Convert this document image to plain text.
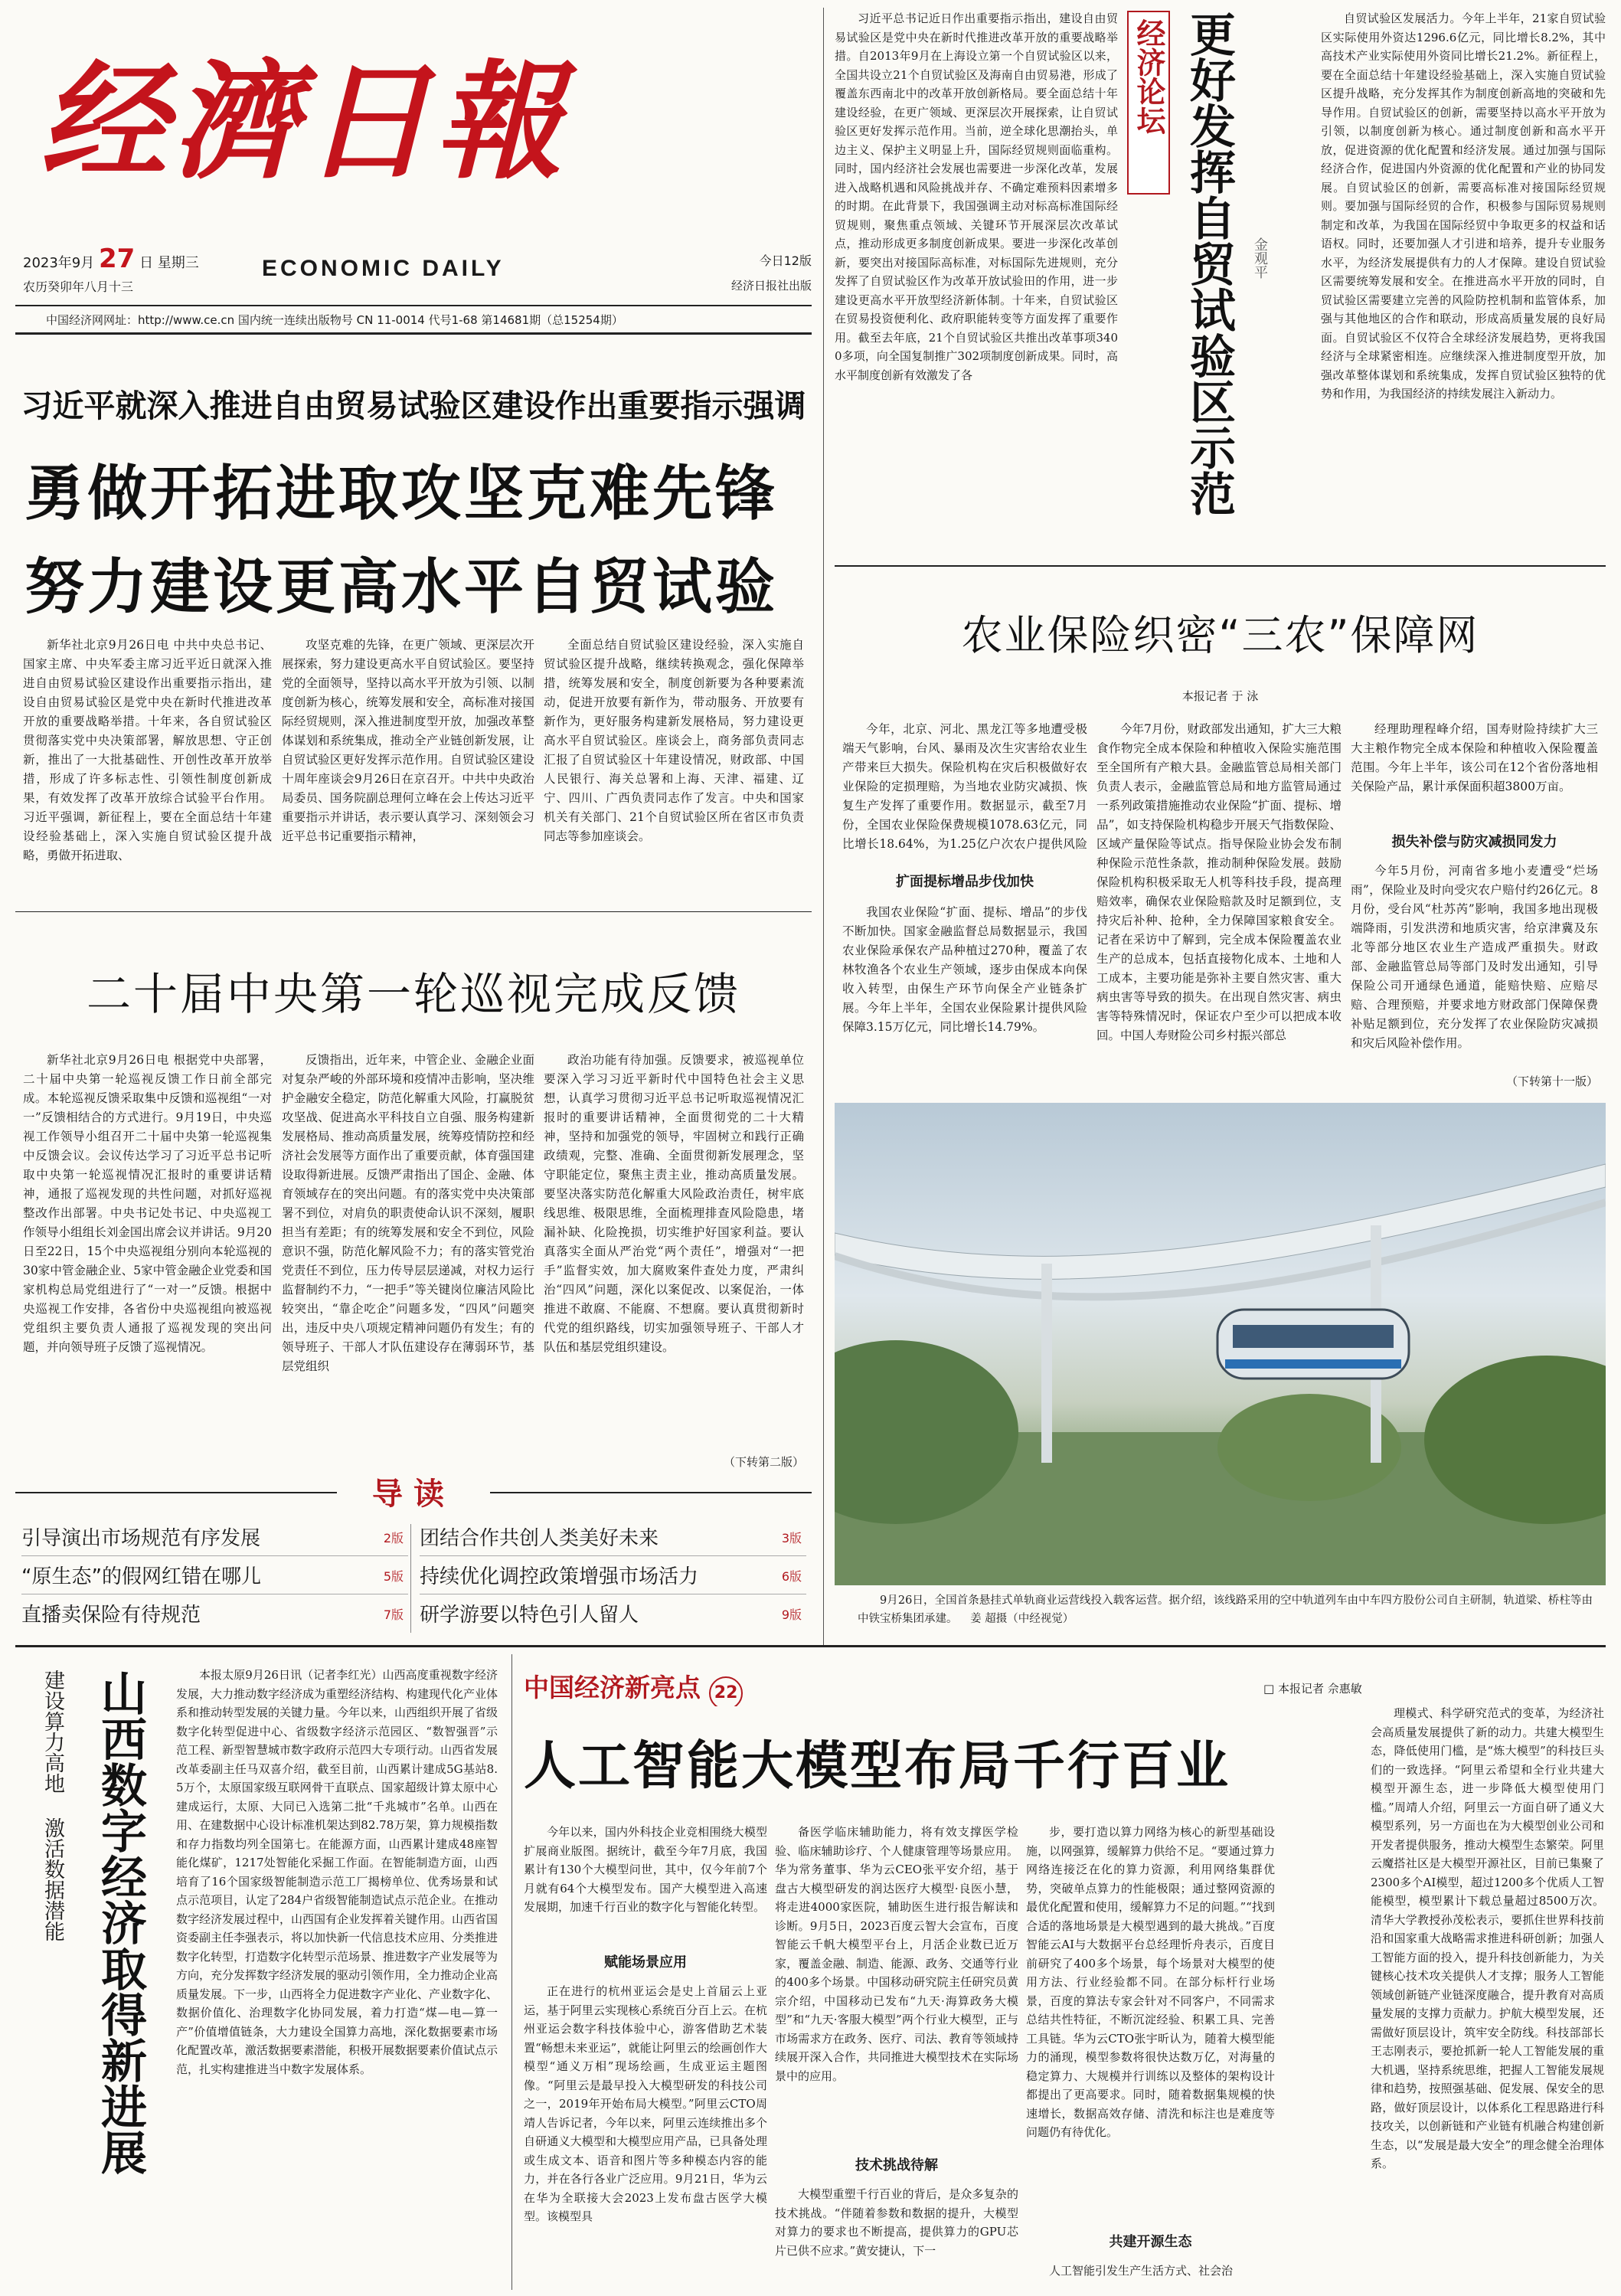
经濟日報
2023年9月 27 日 星期三
农历癸卯年八月十三
ECONOMIC DAILY	今日12版
经济日报社出版
中国经济网网址：http://www.ce.cn 国内统一连续出版物号 CN 11-0014 代号1-68 第14681期（总15254期）
习近平就深入推进自由贸易试验区建设作出重要指示强调
勇做开拓进取攻坚克难先锋
努力建设更高水平自贸试验
新华社北京9月26日电 中共中央总书记、国家主席、中央军委主席习近平近日就深入推进自由贸易试验区建设作出重要指示指出，建设自由贸易试验区是党中央在新时代推进改革开放的重要战略举措。十年来，各自贸试验区贯彻落实党中央决策部署，解放思想、守正创新，推出了一大批基础性、开创性改革开放举措，形成了许多标志性、引领性制度创新成果，有效发挥了改革开放综合试验平台作用。习近平强调，新征程上，要在全面总结十年建设经验基础上，深入实施自贸试验区提升战略，勇做开拓进取、
攻坚克难的先锋，在更广领域、更深层次开展探索，努力建设更高水平自贸试验区。要坚持党的全面领导，坚持以高水平开放为引领、以制度创新为核心，统筹发展和安全，高标准对接国际经贸规则，深入推进制度型开放，加强改革整体谋划和系统集成，推动全产业链创新发展，让自贸试验区更好发挥示范作用。自贸试验区建设十周年座谈会9月26日在京召开。中共中央政治局委员、国务院副总理何立峰在会上传达习近平重要指示并讲话，表示要认真学习、深刻领会习近平总书记重要指示精神，
全面总结自贸试验区建设经验，深入实施自贸试验区提升战略，继续转换观念，强化保障举措，统筹发展和安全，制度创新要为各种要素流动，促进开放要有新作为，带动服务、开放要有新作为，更好服务构建新发展格局，努力建设更高水平自贸试验区。座谈会上，商务部负责同志汇报了自贸试验区十年建设情况，财政部、中国人民银行、海关总署和上海、天津、福建、辽宁、四川、广西负责同志作了发言。中央和国家机关有关部门、21个自贸试验区所在省区市负责同志等参加座谈会。
二十届中央第一轮巡视完成反馈
新华社北京9月26日电 根据党中央部署，二十届中央第一轮巡视反馈工作日前全部完成。本轮巡视反馈采取集中反馈和巡视组“一对一”反馈相结合的方式进行。9月19日，中央巡视工作领导小组召开二十届中央第一轮巡视集中反馈会议。会议传达学习了习近平总书记听取中央第一轮巡视情况汇报时的重要讲话精神，通报了巡视发现的共性问题，对抓好巡视整改作出部署。中央书记处书记、中央巡视工作领导小组组长刘金国出席会议并讲话。9月20日至22日，15个中央巡视组分别向本轮巡视的30家中管金融企业、5家中管金融企业党委和国家机构总局党组进行了“一对一”反馈。根据中央巡视工作安排，各省份中央巡视组向被巡视党组织主要负责人通报了巡视发现的突出问题，并向领导班子反馈了巡视情况。
反馈指出，近年来，中管企业、金融企业面对复杂严峻的外部环境和疫情冲击影响，坚决维护金融安全稳定，防范化解重大风险，打赢脱贫攻坚战、促进高水平科技自立自强、服务构建新发展格局、推动高质量发展，统筹疫情防控和经济社会发展等方面作出了重要贡献，体育强国建设取得新进展。反馈严肃指出了国企、金融、体育领域存在的突出问题。有的落实党中央决策部署不到位，对肩负的职责使命认识不深刻，履职担当有差距；有的统筹发展和安全不到位，风险意识不强，防范化解风险不力；有的落实管党治党责任不到位，压力传导层层递减，对权力运行监督制约不力，“一把手”等关键岗位廉洁风险比较突出，“靠企吃企”问题多发，“四风”问题突出，违反中央八项规定精神问题仍有发生；有的领导班子、干部人才队伍建设存在薄弱环节，基层党组织
政治功能有待加强。反馈要求，被巡视单位要深入学习习近平新时代中国特色社会主义思想，认真学习贯彻习近平总书记听取巡视情况汇报时的重要讲话精神，全面贯彻党的二十大精神，坚持和加强党的领导，牢固树立和践行正确政绩观，完整、准确、全面贯彻新发展理念，坚守职能定位，聚焦主责主业，推动高质量发展。要坚决落实防范化解重大风险政治责任，树牢底线思维、极限思维，全面梳理排查风险隐患，堵漏补缺、化险挽损，切实维护好国家利益。要认真落实全面从严治党“两个责任”，增强对“一把手”监督实效，加大腐败案件查处力度，严肃纠治“四风”问题，深化以案促改、以案促治，一体推进不敢腐、不能腐、不想腐。要认真贯彻新时代党的组织路线，切实加强领导班子、干部人才队伍和基层党组织建设。
（下转第二版）
导读
引导演出市场规范有序发展	2版 团结合作共创人类美好未来	3版
“原生态”的假网红错在哪儿	5版 持续优化调控政策增强市场活力	6版
直播卖保险有待规范	7版 研学游要以特色引人留人	9版
习近平总书记近日作出重要指示指出，建设自由贸易试验区是党中央在新时代推进改革开放的重要战略举措。自2013年9月在上海设立第一个自贸试验区以来，全国共设立21个自贸试验区及海南自由贸易港，形成了覆盖东西南北中的改革开放创新格局。要全面总结十年建设经验，在更广领域、更深层次开展探索，让自贸试验区更好发挥示范作用。当前，逆全球化思潮抬头，单边主义、保护主义明显上升，国际经贸规则面临重构。同时，国内经济社会发展也需要进一步深化改革，发展进入战略机遇和风险挑战并存、不确定难预料因素增多的时期。在此背景下，我国强调主动对标高标准国际经贸规则，聚焦重点领域、关键环节开展深层次改革试点，推动形成更多制度创新成果。要进一步深化改革创新，要突出对接国际高标准，对标国际先进规则，充分发挥了自贸试验区作为改革开放试验田的作用，进一步建设更高水平开放型经济新体制。十年来，自贸试验区在贸易投资便利化、政府职能转变等方面发挥了重要作用。截至去年底，21个自贸试验区共推出改革事项3400多项，向全国复制推广302项制度创新成果。同时，高水平制度创新有效激发了各
经济论坛 更好发挥自贸试验区示范
金观平
自贸试验区发展活力。今年上半年，21家自贸试验区实际使用外资达1296.6亿元，同比增长8.2%，其中高技术产业实际使用外资同比增长21.2%。新征程上，要在全面总结十年建设经验基础上，深入实施自贸试验区提升战略，充分发挥其作为制度创新高地的突破和先导作用。自贸试验区的创新，需要坚持以高水平开放为引领，以制度创新为核心。通过制度创新和高水平开放，促进资源的优化配置和经济发展。通过加强与国际经济合作，促进国内外资源的优化配置和产业的协同发展。自贸试验区的创新，需要高标准对接国际经贸规则。要加强与国际经贸的合作，积极参与国际贸易规则制定和改革，为我国在国际经贸中争取更多的权益和话语权。同时，还要加强人才引进和培养，提升专业服务水平，为经济发展提供有力的人才保障。建设自贸试验区需要统筹发展和安全。在推进高水平开放的同时，自贸试验区需要建立完善的风险防控机制和监管体系，加强与其他地区的合作和联动，形成高质量发展的良好局面。自贸试验区不仅符合全球经济发展趋势，更将我国经济与全球紧密相连。应继续深入推进制度型开放，加强改革整体谋划和系统集成，发挥自贸试验区独特的优势和作用，为我国经济的持续发展注入新动力。
农业保险织密“三农”保障网
本报记者 于 泳
今年，北京、河北、黑龙江等多地遭受极端天气影响，台风、暴雨及次生灾害给农业生产带来巨大损失。保险机构在灾后积极做好农业保险的定损理赔，为当地农业防灾减损、恢复生产发挥了重要作用。数据显示，截至7月份，全国农业保险保费规模1078.63亿元，同比增长18.64%，为1.25亿户次农户提供风险
扩面提标增品步伐加快
我国农业保险“扩面、提标、增品”的步伐不断加快。国家金融监督总局数据显示，我国农业保险承保农产品种植过270种，覆盖了农林牧渔各个农业生产领域，逐步由保成本向保收入转型，由保生产环节向保全产业链条扩展。今年上半年，全国农业保险累计提供风险保障3.15万亿元，同比增长14.79%。
今年7月份，财政部发出通知，扩大三大粮食作物完全成本保险和种植收入保险实施范围至全国所有产粮大县。金融监管总局相关部门负责人表示，金融监管总局和地方监管局通过一系列政策措施推动农业保险“扩面、提标、增品”，如支持保险机构稳步开展天气指数保险、区域产量保险等试点。指导保险业协会发布制种保险示范性条款，推动制种保险发展。鼓励保险机构积极采取无人机等科技手段，提高理赔效率，确保农业保险赔款及时足额到位，支持灾后补种、抢种，全力保障国家粮食安全。记者在采访中了解到，完全成本保险覆盖农业生产的总成本，包括直接物化成本、土地和人工成本，主要功能是弥补主要自然灾害、重大病虫害等导致的损失。在出现自然灾害、病虫害等特殊情况时，保证农户至少可以把成本收回。中国人寿财险公司乡村振兴部总
经理助理程峰介绍，国寿财险持续扩大三大主粮作物完全成本保险和种植收入保险覆盖范围。今年上半年，该公司在12个省份落地相关保险产品，累计承保面积超3800万亩。
损失补偿与防灾减损同发力
今年5月份，河南省多地小麦遭受“烂场雨”，保险业及时向受灾农户赔付约26亿元。8月份，受台风“杜苏芮”影响，我国多地出现极端降雨，引发洪涝和地质灾害，给京津冀及东北等部分地区农业生产造成严重损失。财政部、金融监管总局等部门及时发出通知，引导保险公司开通绿色通道，能赔快赔、应赔尽赔、合理预赔，并要求地方财政部门保障保费补贴足额到位，充分发挥了农业保险防灾减损和灾后风险补偿作用。
（下转第十一版）
9月26日，全国首条悬挂式单轨商业运营线投入载客运营。据介绍，该线路采用的空中轨道列车由中车四方股份公司自主研制，轨道梁、桥柱等由中铁宝桥集团承建。 姜 超摄（中经视觉）
建设算力高地 激活数据潜能 山西数字经济取得新进展	本报太原9月26日讯（记者李红光）山西高度重视数字经济发展，大力推动数字经济成为重塑经济结构、构建现代化产业体系和推动转型发展的关键力量。今年以来，山西组织开展了省级数字化转型促进中心、省级数字经济示范园区、“数智强晋”示范工程、新型智慧城市数字政府示范四大专项行动。山西省发展改革委副主任马双喜介绍，截至目前，山西累计建成5G基站8.5万个，太原国家级互联网骨干直联点、国家超级计算太原中心建成运行，太原、大同已入选第二批“千兆城市”名单。山西在用、在建数据中心设计标准机架达到82.78万架，算力规模指数和存力指数均列全国第七。在能源方面，山西累计建成48座智能化煤矿，1217处智能化采掘工作面。在智能制造方面，山西培育了16个国家级智能制造示范工厂揭榜单位、优秀场景和试点示范项目，认定了284户省级智能制造试点示范企业。在推动数字经济发展过程中，山西国有企业发挥着关键作用。山西省国资委副主任李强表示，将以加快新一代信息技术应用、分类推进数字化转型，打造数字化转型示范场景、推进数字产业发展等为方向，充分发挥数字经济发展的驱动引领作用，全力推动企业高质量发展。下一步，山西将全力促进数字产业化、产业数字化、数据价值化、治理数字化协同发展，着力打造“煤—电—算一产”价值增值链条，大力建设全国算力高地，深化数据要素市场化配置改革，激活数据要素潜能，积极开展数据要素价值试点示范，扎实构建推进当中数字发展体系。
中国经济新亮点 22	□ 本报记者 佘惠敏
人工智能大模型布局千行百业
今年以来，国内外科技企业竞相围绕大模型扩展商业版图。据统计，截至今年7月底，我国累计有130个大模型问世，其中，仅今年前7个月就有64个大模型发布。国产大模型进入高速发展期，加速千行百业的数字化与智能化转型。
赋能场景应用
正在进行的杭州亚运会是史上首届云上亚运，基于阿里云实现核心系统百分百上云。在杭州亚运会数字科技体验中心，游客借助艺术装置“畅想未来亚运”，就能让阿里云的绘画创作大模型“通义万相”现场绘画，生成亚运主题图像。“阿里云是最早投入大模型研发的科技公司之一，2019年开始布局大模型。”阿里云CTO周靖人告诉记者，今年以来，阿里云连续推出多个自研通义大模型和大模型应用产品，已具备处理或生成文本、语音和图片等多种模态内容的能力，并在各行各业广泛应用。9月21日，华为云在华为全联接大会2023上发布盘古医学大模型。该模型具
备医学临床辅助能力，将有效支撑医学检验、临床辅助诊疗、个人健康管理等场景应用。华为常务董事、华为云CEO张平安介绍，基于盘古大模型研发的润达医疗大模型·良医小慧，将走进4000家医院，辅助医生进行报告解读和诊断。9月5日，2023百度云智大会宣布，百度智能云千帆大模型平台上，月活企业数已近万家，覆盖金融、制造、能源、政务、交通等行业的400多个场景。中国移动研究院主任研究员黄宗介绍，中国移动已发布“九天·海算政务大模型”和“九天·客服大模型”两个行业大模型，正与市场需求方在政务、医疗、司法、教育等领域持续展开深入合作，共同推进大模型技术在实际场景中的应用。
技术挑战待解
大模型重塑千行百业的背后，是众多复杂的技术挑战。“伴随着参数和数据的提升，大模型对算力的要求也不断提高，提供算力的GPU芯片已供不应求。”黄安捷认，下一
步，要打造以算力网络为核心的新型基础设施，以网强算，缓解算力供给不足。“要通过算力网络连接泛在化的算力资源，利用网络集群优势，突破单点算力的性能极限；通过整网资源的最优化配置和使用，缓解算力不足的问题。”“找到合适的落地场景是大模型遇到的最大挑战。”百度智能云AI与大数据平台总经理忻舟表示，百度目前研究了400多个场景，每个场景对大模型的使用方法、行业经验都不同。在部分标杆行业场景，百度的算法专家会针对不同客户，不同需求总结共性特征，不断沉淀经验、积累工具、完善工具链。华为云CTO张宇昕认为，随着大模型能力的涌现，模型参数将很快达数万亿，对海量的稳定算力、大规模并行训练以及整体的架构设计都提出了更高要求。同时，随着数据集规模的快速增长，数据高效存储、清洗和标注也是难度等问题仍有待优化。
共建开源生态
人工智能引发生产生活方式、社会治
理模式、科学研究范式的变革，为经济社会高质量发展提供了新的动力。共建大模型生态，降低使用门槛，是“炼大模型”的科技巨头们的一致选择。“阿里云希望和全行业共建大模型开源生态，进一步降低大模型使用门槛。”周靖人介绍，阿里云一方面自研了通义大模型系列，另一方面也在为大模型创业公司和开发者提供服务，推动大模型生态繁荣。阿里云魔搭社区是大模型开源社区，目前已集聚了2300多个AI模型，超过1200多个优质人工智能模型，模型累计下载总量超过8500万次。清华大学教授孙茂松表示，要抓住世界科技前沿和国家重大战略需求推进科研创新；加强人工智能方面的投入，提升科技创新能力，为关键核心技术攻关提供人才支撑；服务人工智能领域创新链产业链深度融合，提升教育对高质量发展的支撑力贡献力。护航大模型发展，还需做好顶层设计，筑牢安全防线。科技部部长王志刚表示，要抢抓新一轮人工智能发展的重大机遇，坚持系统思维，把握人工智能发展规律和趋势，按照强基础、促发展、保安全的思路，做好顶层设计，以体系化工程思路进行科技攻关，以创新链和产业链有机融合构建创新生态，以“发展是最大安全”的理念健全治理体系。
